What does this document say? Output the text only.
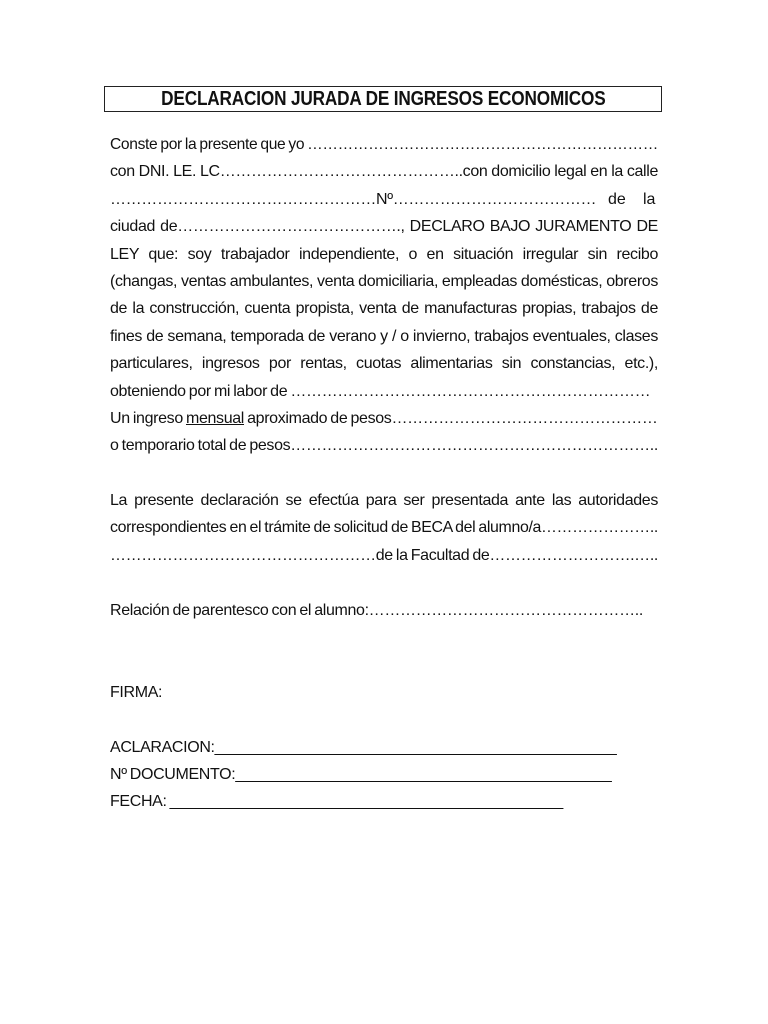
DECLARACION JURADA DE INGRESOS ECONOMICOS
Conste por la presente que yo ……………………………………………………………
con DNI. LE. LC………………………………………..con domicilio legal en la calle
……………………………………………Nº………………………………… de la
ciudad de……………………………………., DECLARO BAJO JURAMENTO DE
LEY que: soy trabajador independiente, o en situación irregular sin recibo
(changas, ventas ambulantes, venta domiciliaria, empleadas domésticas, obreros
de la construcción, cuenta propista, venta de manufacturas propias, trabajos de
fines de semana, temporada de verano y / o invierno, trabajos eventuales, clases
particulares, ingresos por rentas, cuotas alimentarias sin constancias, etc.),
obteniendo por mi labor de ……………………………………………………………
Un ingreso mensual aproximado de pesos……………………………………………
o temporario total de pesos……………………………………………………………..
La presente declaración se efectúa para ser presentada ante las autoridades
correspondientes en el trámite de solicitud de BECA del alumno/a…………………..
……………………………………………de la Facultad de……………………….…..
Relación de parentesco con el alumno:……………………………………………..
FIRMA:
ACLARACION:_______________________________________________
Nº DOCUMENTO:____________________________________________
FECHA: ______________________________________________
